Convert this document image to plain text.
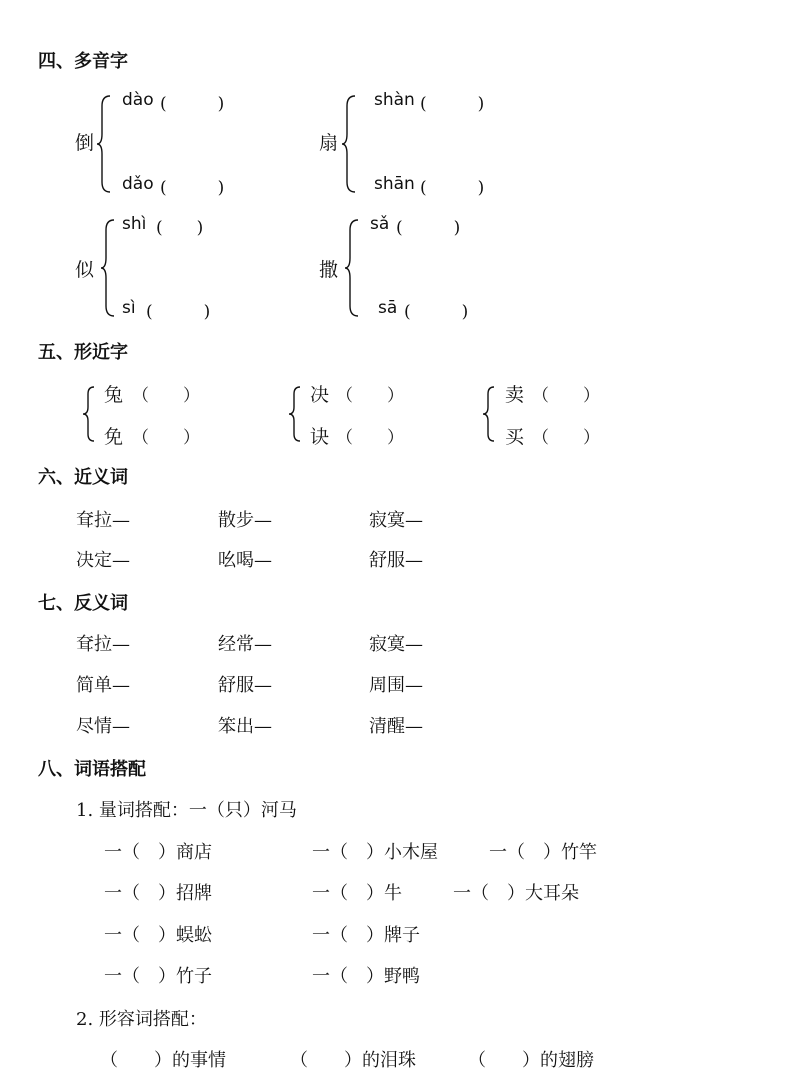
四、多音字
倒
dào (　　　)
dǎo (　　　)
扇
shàn (　　　)
shān (　　　)
似
shì (　　)
sì (　　　)
撒
sǎ (　　　)
sā (　　　)
五、形近字
兔 （　　）
免 （　　）
决 （　　）
诀 （　　）
卖 （　　）
买 （　　）
六、近义词
耷拉—	散步—	寂寞—
决定—	吆喝—	舒服—
七、反义词
耷拉—	经常—	寂寞—
简单—	舒服—	周围—
尽情—	笨出—	清醒—
八、词语搭配
1. 量词搭配：一（只）河马
一（　）商店	一（　）小木屋	一（　）竹竿
一（　）招牌	一（　）牛	一（　）大耳朵
一（　）蜈蚣	一（　）牌子
一（　）竹子	一（　）野鸭
2. 形容词搭配：
（　　）的事情	（　　）的泪珠	（　　）的翅膀
